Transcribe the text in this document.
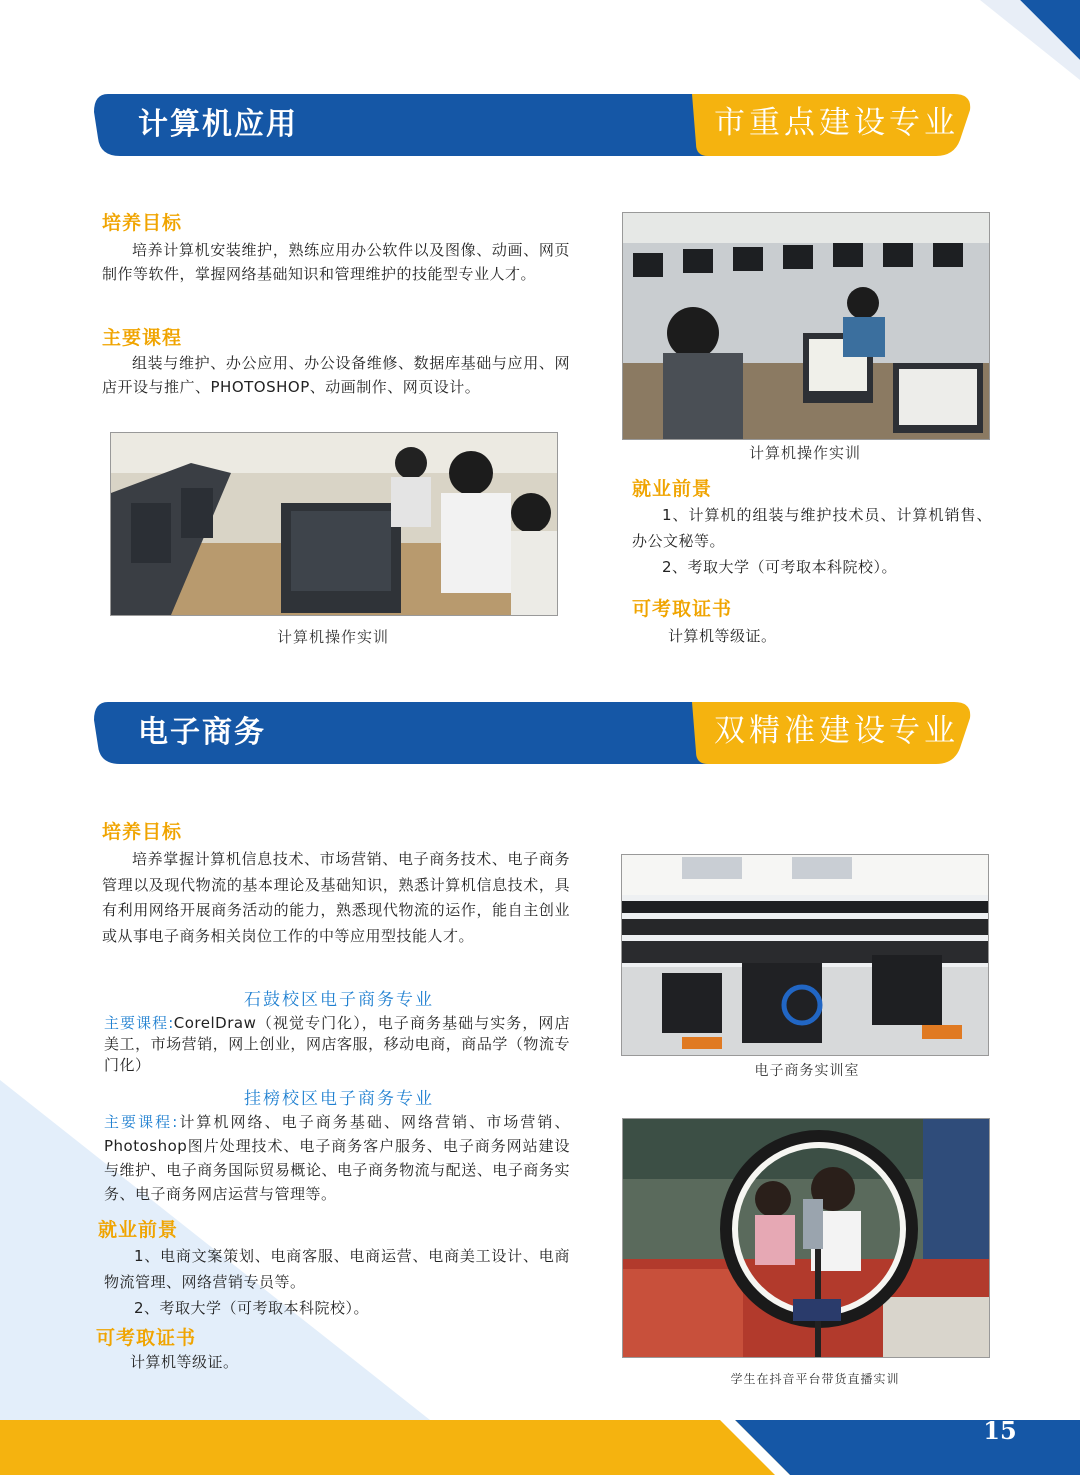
计算机应用	市重点建设专业
培养目标
培养计算机安装维护，熟练应用办公软件以及图像、动画、网页制作等软件，掌握网络基础知识和管理维护的技能型专业人才。
主要课程
组装与维护、办公应用、办公设备维修、数据库基础与应用、网店开设与推广、PHOTOSHOP、动画制作、网页设计。
计算机操作实训
计算机操作实训
就业前景
1、计算机的组装与维护技术员、计算机销售、办公文秘等。
2、考取大学（可考取本科院校）。
可考取证书
计算机等级证。
电子商务	双精准建设专业
培养目标
培养掌握计算机信息技术、市场营销、电子商务技术、电子商务管理以及现代物流的基本理论及基础知识，熟悉计算机信息技术，具有利用网络开展商务活动的能力，熟悉现代物流的运作，能自主创业或从事电子商务相关岗位工作的中等应用型技能人才。
石鼓校区电子商务专业
主要课程:CorelDraw（视觉专门化），电子商务基础与实务，网店美工，市场营销，网上创业，网店客服，移动电商，商品学（物流专门化）
挂榜校区电子商务专业
主要课程:计算机网络、电子商务基础、网络营销、市场营销、Photoshop图片处理技术、电子商务客户服务、电子商务网站建设与维护、电子商务国际贸易概论、电子商务物流与配送、电子商务实务、电子商务网店运营与管理等。
就业前景
1、电商文案策划、电商客服、电商运营、电商美工设计、电商物流管理、网络营销专员等。
2、考取大学（可考取本科院校）。
可考取证书
计算机等级证。
电子商务实训室
学生在抖音平台带货直播实训
15
